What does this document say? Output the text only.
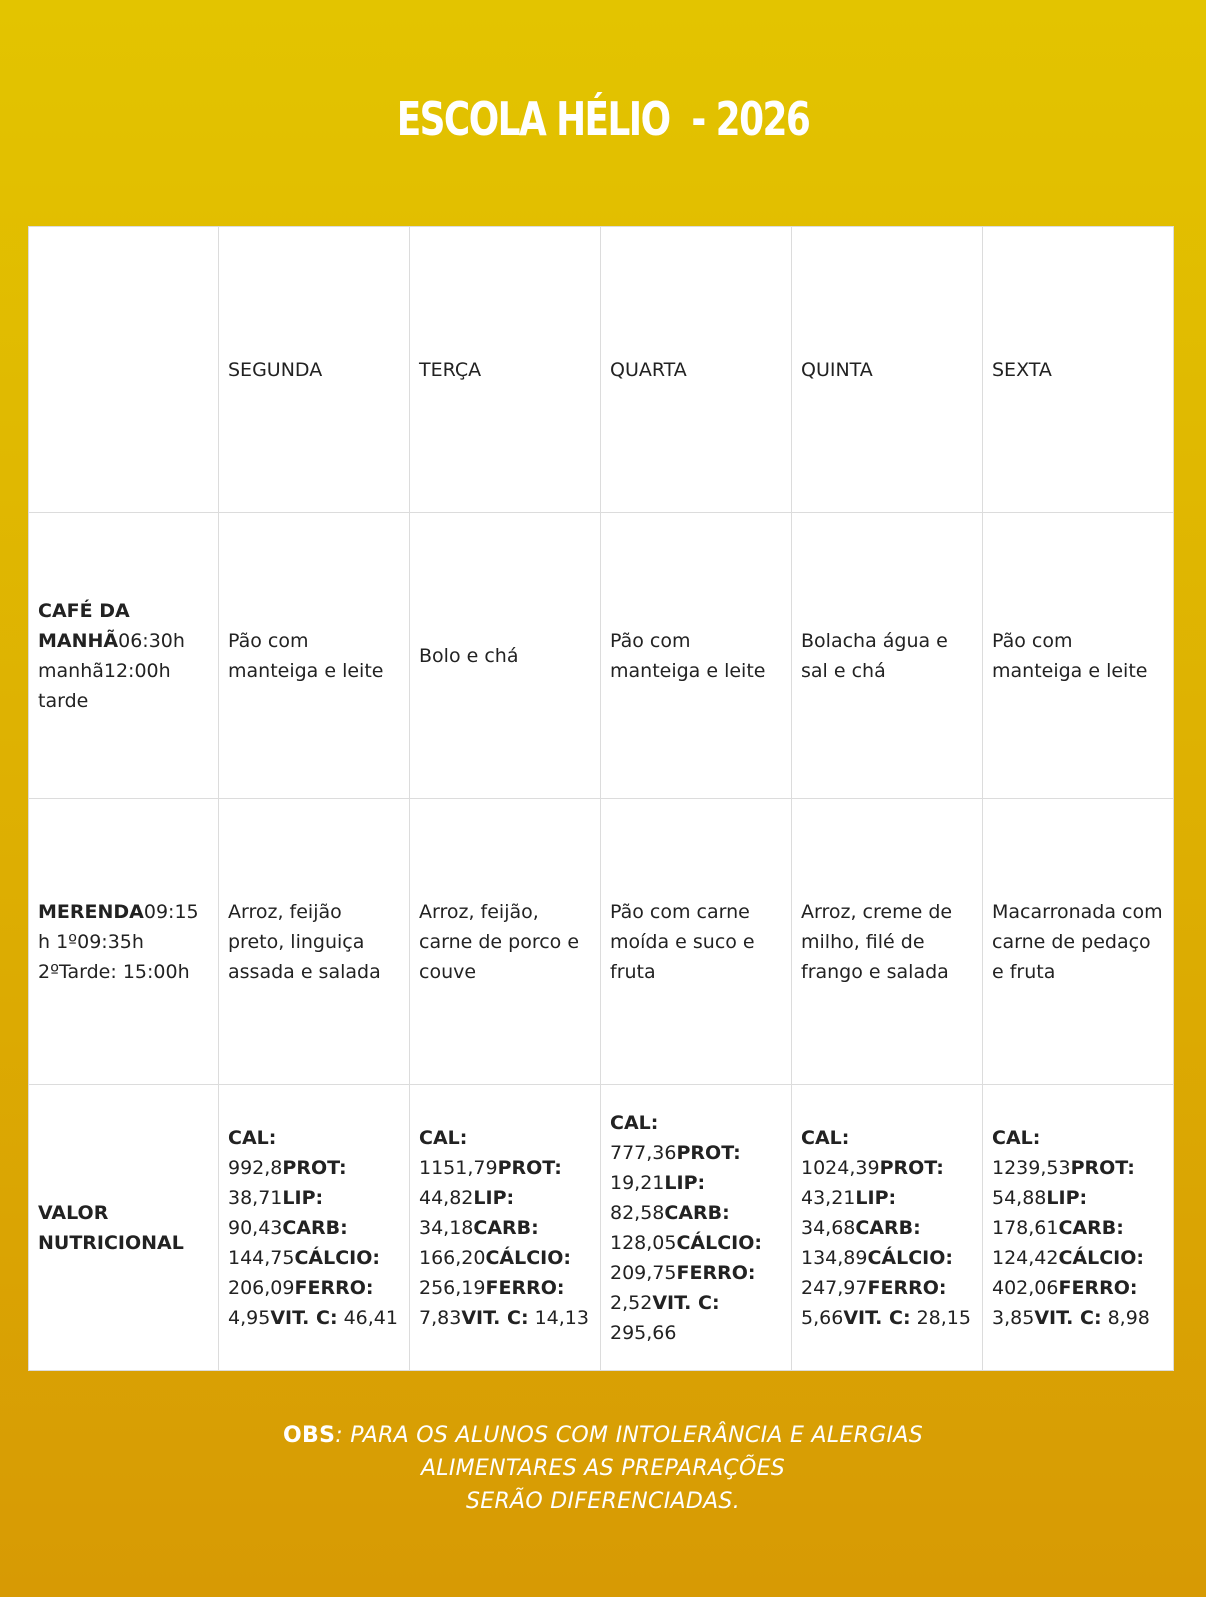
ESCOLA HÉLIO  - 2026
	SEGUNDA	TERÇA	QUARTA	QUINTA	SEXTA
CAFÉ DA MANHÃ06:30h manhã12:00h tarde	Pão com manteiga e leite	Bolo e chá	Pão com manteiga e leite	Bolacha água e sal e chá	Pão com manteiga e leite
MERENDA09:15 h 1º09:35h 2ºTarde: 15:00h	Arroz, feijão preto, linguiça assada e salada	Arroz, feijão, carne de porco e couve	Pão com carne moída e suco e fruta	Arroz, creme de milho, filé de frango e salada	Macarronada com carne de pedaço e fruta
VALOR NUTRICIONAL	CAL: 992,8PROT: 38,71LIP: 90,43CARB: 144,75CÁLCIO: 206,09FERRO: 4,95VIT. C: 46,41	CAL: 1151,79PROT: 44,82LIP: 34,18CARB: 166,20CÁLCIO: 256,19FERRO: 7,83VIT. C: 14,13	CAL: 777,36PROT: 19,21LIP: 82,58CARB: 128,05CÁLCIO: 209,75FERRO: 2,52VIT. C: 295,66	CAL: 1024,39PROT: 43,21LIP: 34,68CARB: 134,89CÁLCIO: 247,97FERRO: 5,66VIT. C: 28,15	CAL: 1239,53PROT: 54,88LIP: 178,61CARB: 124,42CÁLCIO: 402,06FERRO: 3,85VIT. C: 8,98
OBS: PARA OS ALUNOS COM INTOLERÂNCIA E ALERGIAS
ALIMENTARES AS PREPARAÇÕES
SERÃO DIFERENCIADAS.
